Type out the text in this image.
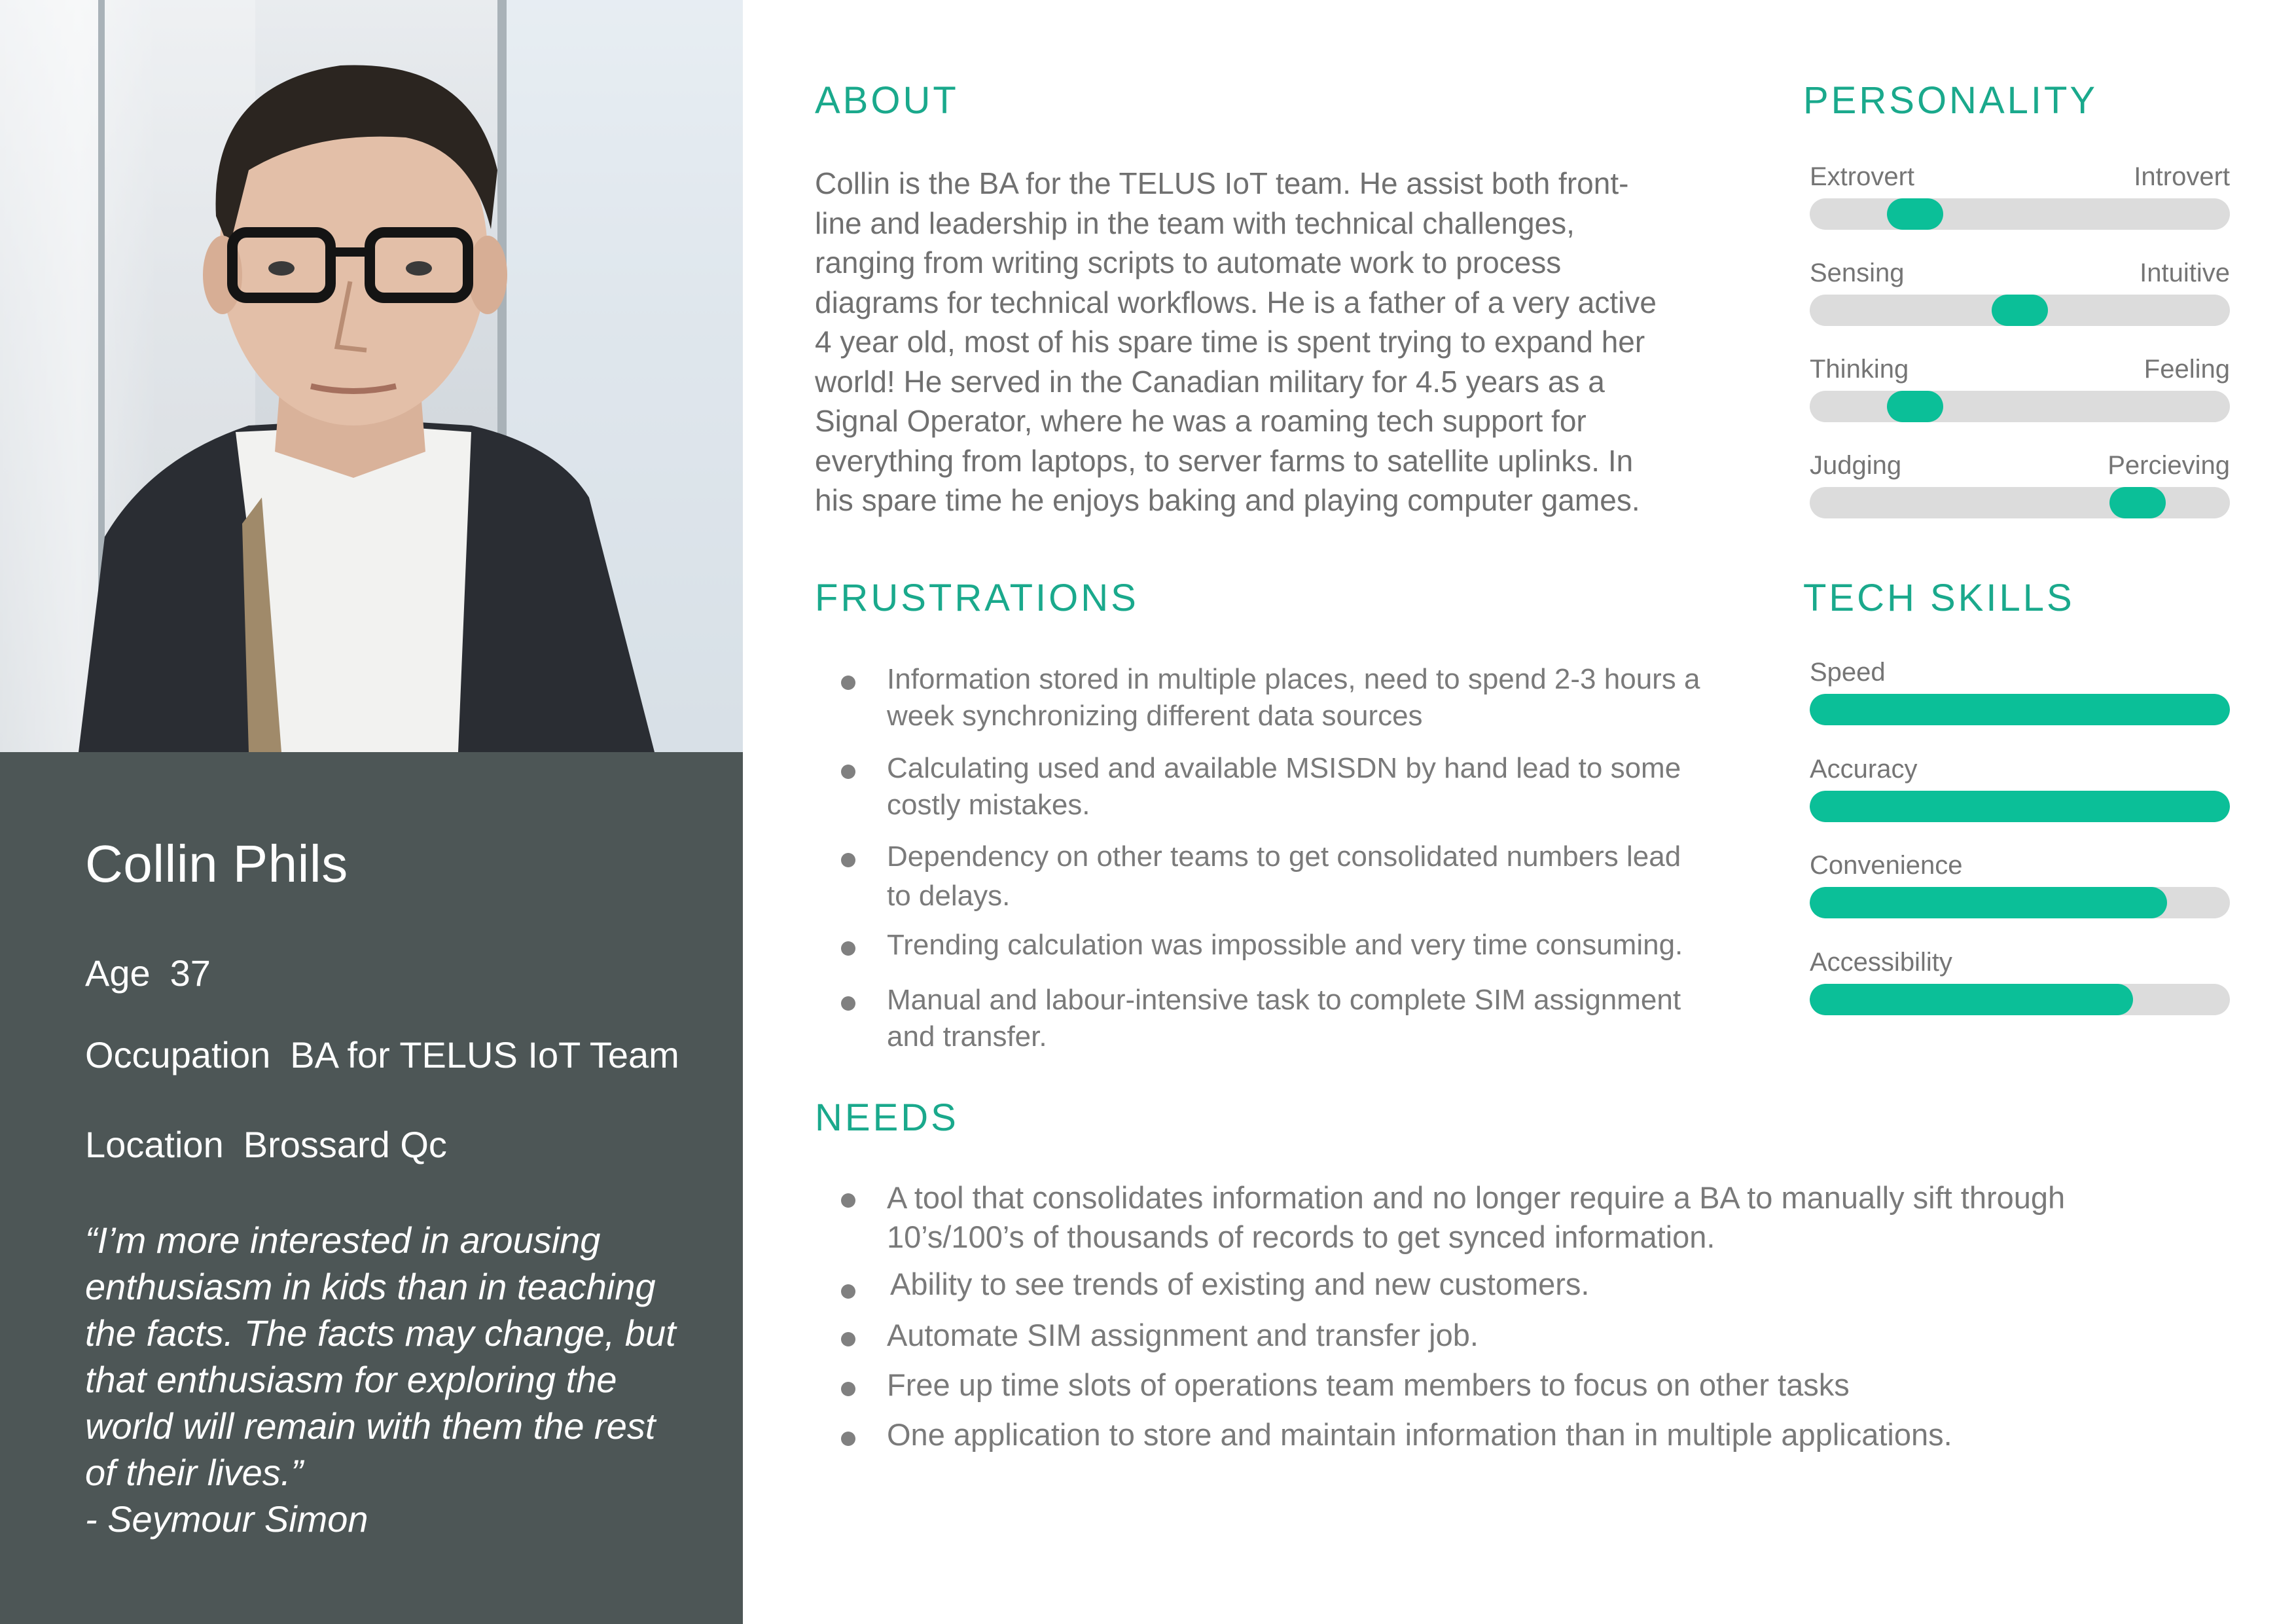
Collin Phils
Age 37
Occupation BA for TELUS IoT Team
Location Brossard Qc
“I’m more interested in arousing
enthusiasm in kids than in teaching
the facts. The facts may change, but
that enthusiasm for exploring the
world will remain with them the rest
of their lives.”
- Seymour Simon
ABOUT
Collin is the BA for the TELUS IoT team. He assist both front-
line and leadership in the team with technical challenges,
ranging from writing scripts to automate work to process
diagrams for technical workflows. He is a father of a very active
4 year old, most of his spare time is spent trying to expand her
world! He served in the Canadian military for 4.5 years as a
Signal Operator, where he was a roaming tech support for
everything from laptops, to server farms to satellite uplinks. In
his spare time he enjoys baking and playing computer games.
FRUSTRATIONS
Information stored in multiple places, need to spend 2-3 hours a
week synchronizing different data sources
Calculating used and available MSISDN by hand lead to some
costly mistakes.
Dependency on other teams to get consolidated numbers lead
to delays.
Trending calculation was impossible and very time consuming.
Manual and labour-intensive task to complete SIM assignment
and transfer.
NEEDS
A tool that consolidates information and no longer require a BA to manually sift through
10’s/100’s of thousands of records to get synced information.
Ability to see trends of existing and new customers.
Automate SIM assignment and transfer job.
Free up time slots of operations team members to focus on other tasks
One application to store and maintain information than in multiple applications.
PERSONALITY
Extrovert	Introvert
Sensing	Intuitive
Thinking	Feeling
Judging	Percieving
TECH SKILLS
Speed
Accuracy
Convenience
Accessibility
